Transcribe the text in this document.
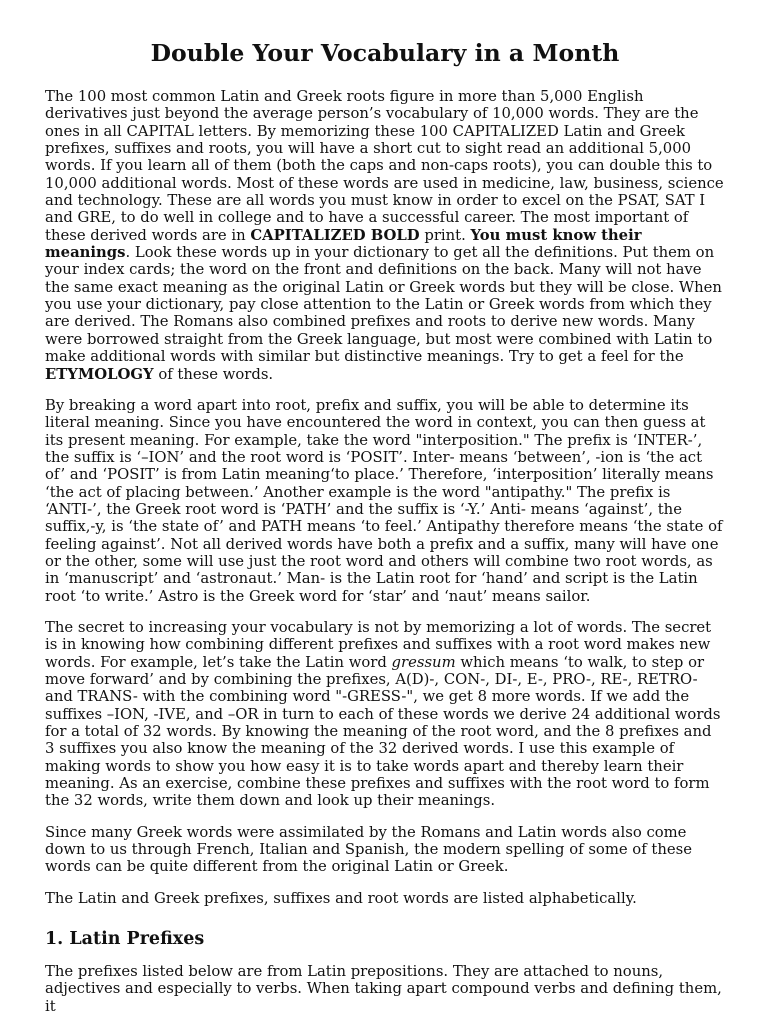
Double Your Vocabulary in a Month

The 100 most common Latin and Greek roots figure in more than 5,000 English derivatives just beyond the average person’s vocabulary of 10,000 words. They are the ones in all CAPITAL letters. By memorizing these 100 CAPITALIZED Latin and Greek prefixes, suffixes and roots, you will have a short cut to sight read an additional 5,000 words. If you learn all of them (both the caps and non-caps roots), you can double this to 10,000 additional words. Most of these words are used in medicine, law, business, science and technology. These are all words you must know in order to excel on the PSAT, SAT I and GRE, to do well in college and to have a successful career. The most important of these derived words are in CAPITALIZED BOLD print. You must know their meanings. Look these words up in your dictionary to get all the definitions. Put them on your index cards; the word on the front and definitions on the back. Many will not have the same exact meaning as the original Latin or Greek words but they will be close. When you use your dictionary, pay close attention to the Latin or Greek words from which they are derived. The Romans also combined prefixes and roots to derive new words. Many were borrowed straight from the Greek language, but most were combined with Latin to make additional words with similar but distinctive meanings. Try to get a feel for the ETYMOLOGY of these words.

By breaking a word apart into root, prefix and suffix, you will be able to determine its literal meaning. Since you have encountered the word in context, you can then guess at its present meaning. For example, take the word "interposition." The prefix is ‘INTER-’, the suffix is ‘–ION’ and the root word is ‘POSIT’. Inter- means ‘between’, -ion is ‘the act of’ and ‘POSIT’ is from Latin meaning‘to place.’ Therefore, ‘interposition’ literally means ‘the act of placing between.’ Another example is the word "antipathy." The prefix is ‘ANTI-’, the Greek root word is ‘PATH’ and the suffix is ‘-Y.’ Anti- means ‘against’, the suffix,-y, is ‘the state of’ and PATH means ‘to feel.’ Antipathy therefore means ‘the state of feeling against’. Not all derived words have both a prefix and a suffix, many will have one or the other, some will use just the root word and others will combine two root words, as in ‘manuscript’ and ‘astronaut.’ Man- is the Latin root for ‘hand’ and script is the Latin root ‘to write.’ Astro is the Greek word for ‘star’ and ‘naut’ means sailor.

The secret to increasing your vocabulary is not by memorizing a lot of words. The secret is in knowing how combining different prefixes and suffixes with a root word makes new words. For example, let’s take the Latin word gressum which means ‘to walk, to step or move forward’ and by combining the prefixes, A(D)-, CON-, DI-, E-, PRO-, RE-, RETRO- and TRANS- with the combining word "-GRESS-", we get 8 more words. If we add the suffixes –ION, -IVE, and –OR in turn to each of these words we derive 24 additional words for a total of 32 words. By knowing the meaning of the root word, and the 8 prefixes and 3 suffixes you also know the meaning of the 32 derived words. I use this example of making words to show you how easy it is to take words apart and thereby learn their meaning. As an exercise, combine these prefixes and suffixes with the root word to form the 32 words, write them down and look up their meanings.

Since many Greek words were assimilated by the Romans and Latin words also come down to us through French, Italian and Spanish, the modern spelling of some of these words can be quite different from the original Latin or Greek.

The Latin and Greek prefixes, suffixes and root words are listed alphabetically.

1. Latin Prefixes

The prefixes listed below are from Latin prepositions. They are attached to nouns, adjectives and especially to verbs. When taking apart compound verbs and defining them, it
